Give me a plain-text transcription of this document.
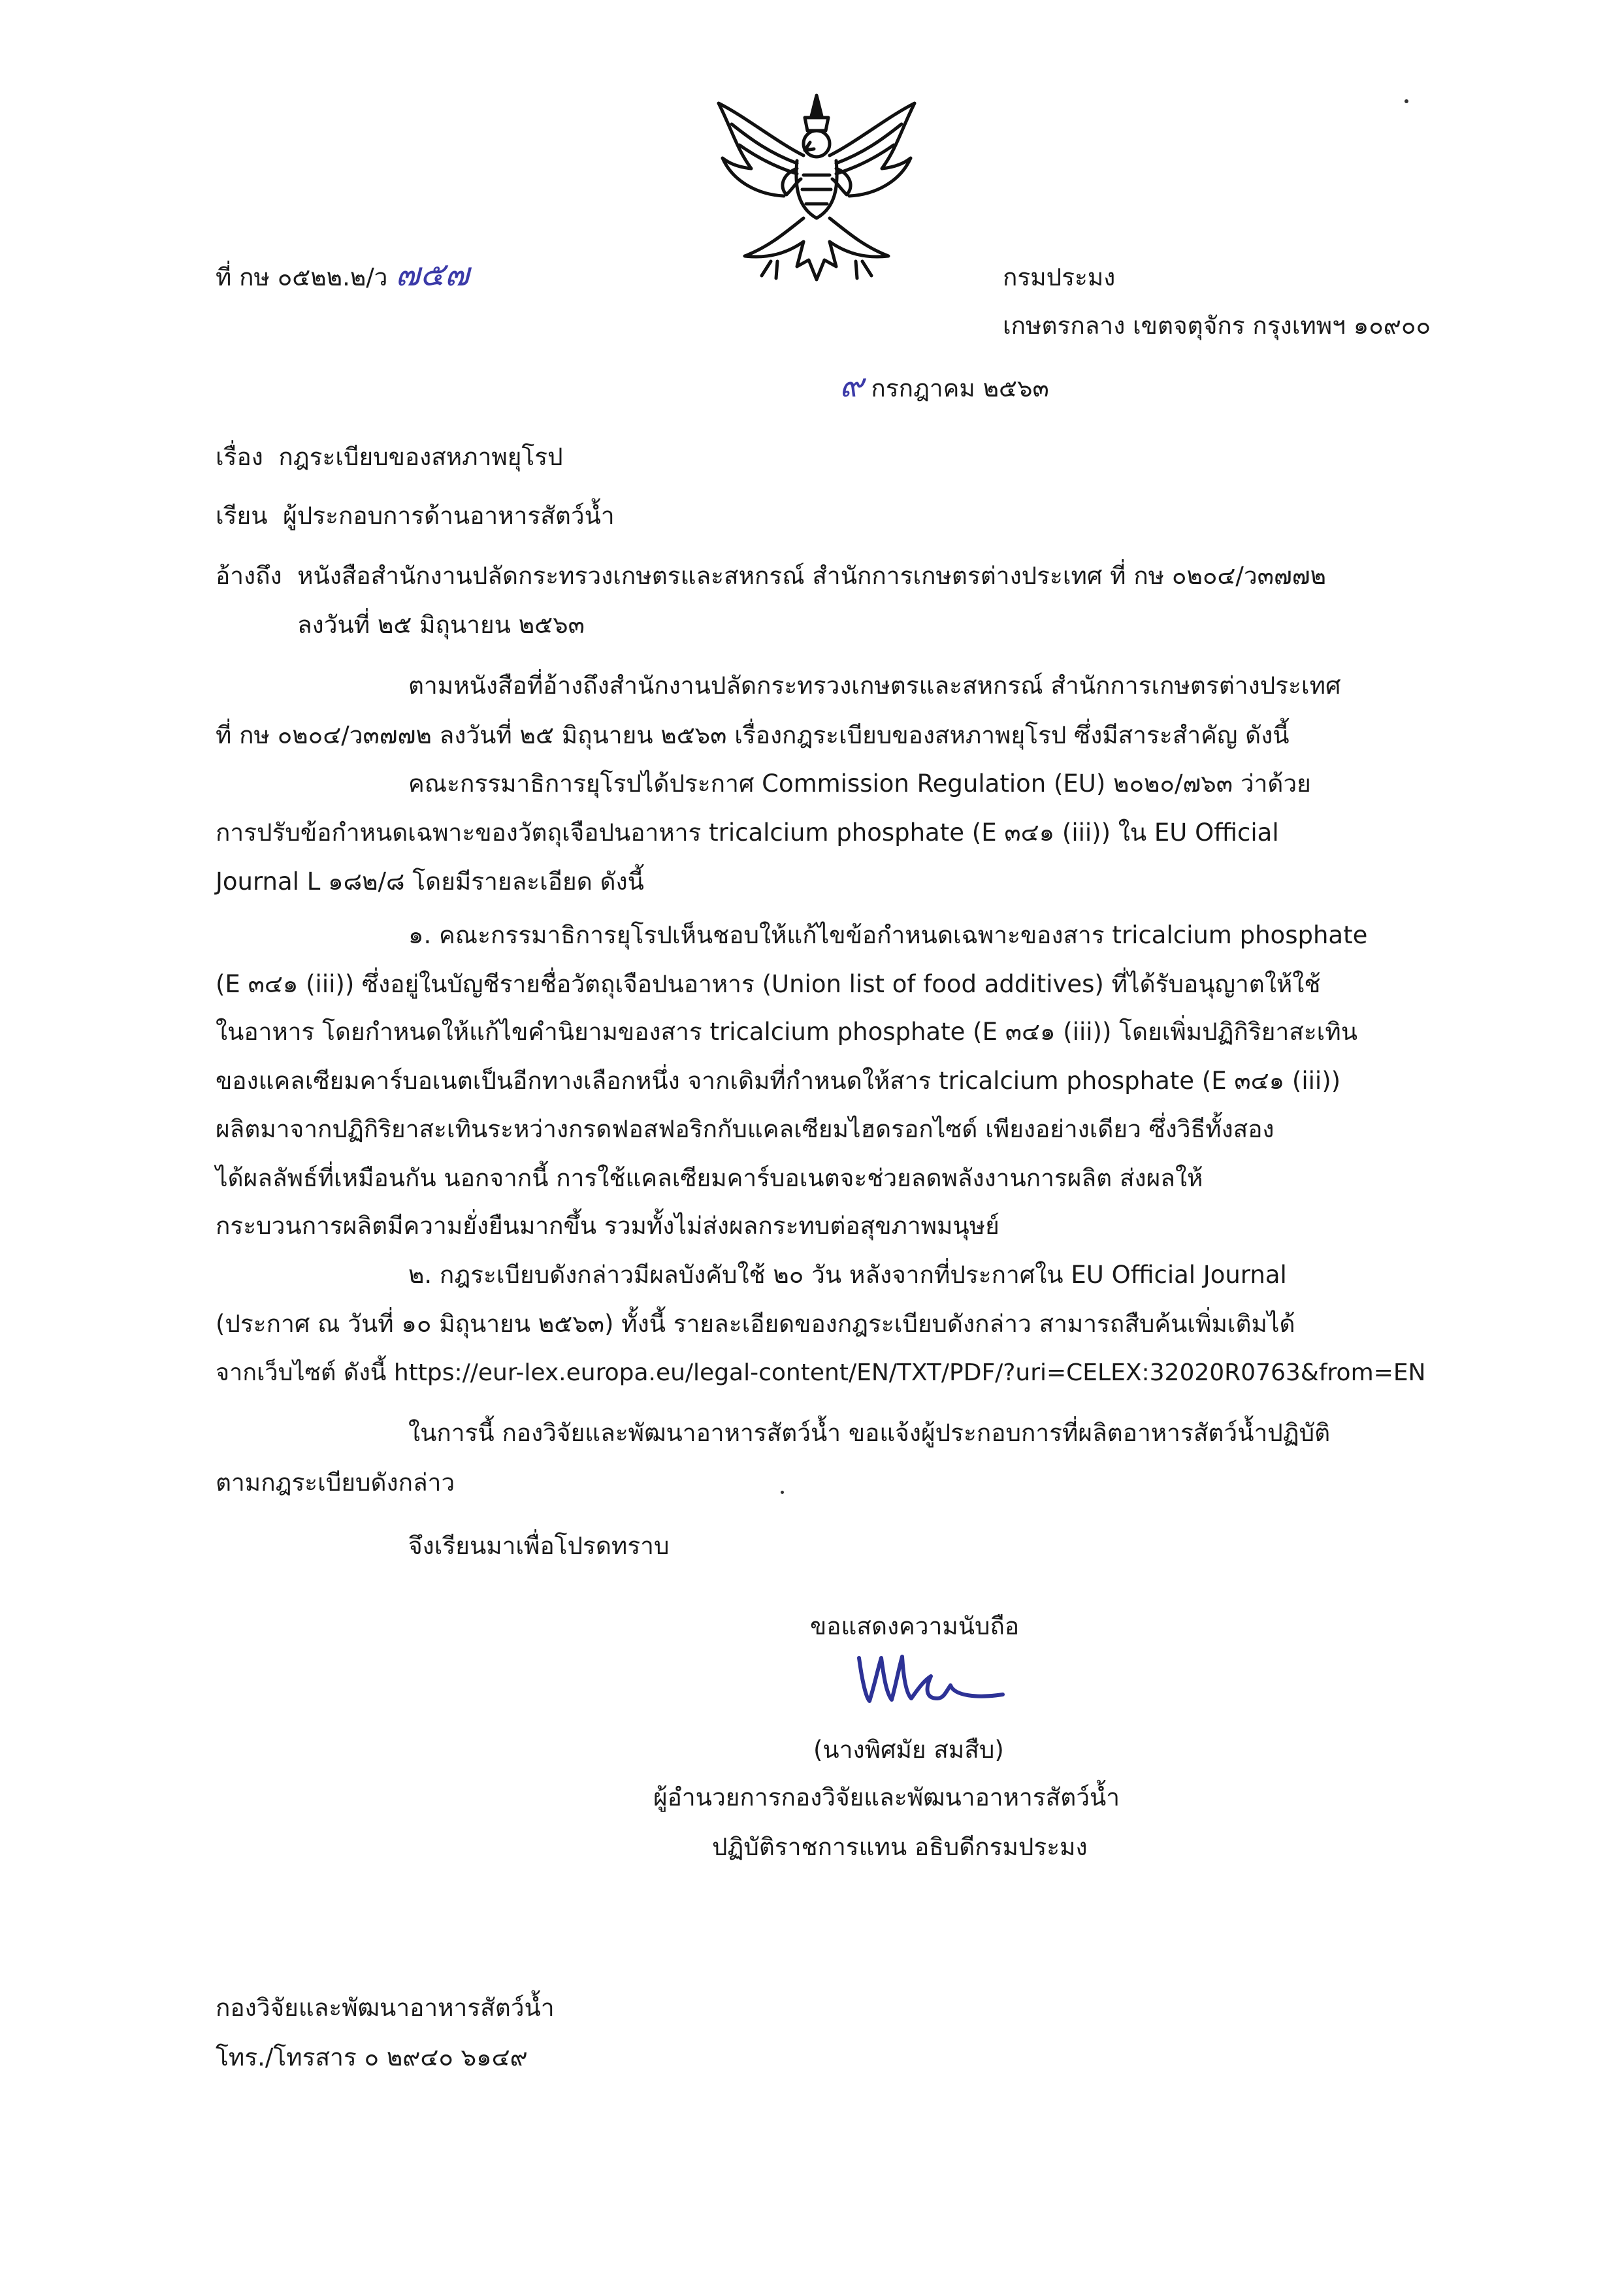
ที่ กษ ๐๕๒๒.๒/ว ๗๕๗	กรมประมง
เกษตรกลาง เขตจตุจักร กรุงเทพฯ ๑๐๙๐๐
๙ กรกฎาคม ๒๕๖๓
เรื่อง กฎระเบียบของสหภาพยุโรป
เรียน ผู้ประกอบการด้านอาหารสัตว์น้ำ
อ้างถึง หนังสือสำนักงานปลัดกระทรวงเกษตรและสหกรณ์ สำนักการเกษตรต่างประเทศ ที่ กษ ๐๒๐๔/ว๓๗๗๒
ลงวันที่ ๒๕ มิถุนายน ๒๕๖๓
ตามหนังสือที่อ้างถึงสำนักงานปลัดกระทรวงเกษตรและสหกรณ์ สำนักการเกษตรต่างประเทศ
ที่ กษ ๐๒๐๔/ว๓๗๗๒ ลงวันที่ ๒๕ มิถุนายน ๒๕๖๓ เรื่องกฎระเบียบของสหภาพยุโรป ซึ่งมีสาระสำคัญ ดังนี้
คณะกรรมาธิการยุโรปได้ประกาศ Commission Regulation (EU) ๒๐๒๐/๗๖๓ ว่าด้วย
การปรับข้อกำหนดเฉพาะของวัตถุเจือปนอาหาร tricalcium phosphate (E ๓๔๑ (iii)) ใน EU Official
Journal L ๑๘๒/๘ โดยมีรายละเอียด ดังนี้
๑. คณะกรรมาธิการยุโรปเห็นชอบให้แก้ไขข้อกำหนดเฉพาะของสาร tricalcium phosphate
(E ๓๔๑ (iii)) ซึ่งอยู่ในบัญชีรายชื่อวัตถุเจือปนอาหาร (Union list of food additives) ที่ได้รับอนุญาตให้ใช้
ในอาหาร โดยกำหนดให้แก้ไขคำนิยามของสาร tricalcium phosphate (E ๓๔๑ (iii)) โดยเพิ่มปฏิกิริยาสะเทิน
ของแคลเซียมคาร์บอเนตเป็นอีกทางเลือกหนึ่ง จากเดิมที่กำหนดให้สาร tricalcium phosphate (E ๓๔๑ (iii))
ผลิตมาจากปฏิกิริยาสะเทินระหว่างกรดฟอสฟอริกกับแคลเซียมไฮดรอกไซด์ เพียงอย่างเดียว ซึ่งวิธีทั้งสอง
ได้ผลลัพธ์ที่เหมือนกัน นอกจากนี้ การใช้แคลเซียมคาร์บอเนตจะช่วยลดพลังงานการผลิต ส่งผลให้
กระบวนการผลิตมีความยั่งยืนมากขึ้น รวมทั้งไม่ส่งผลกระทบต่อสุขภาพมนุษย์
๒. กฎระเบียบดังกล่าวมีผลบังคับใช้ ๒๐ วัน หลังจากที่ประกาศใน EU Official Journal
(ประกาศ ณ วันที่ ๑๐ มิถุนายน ๒๕๖๓) ทั้งนี้ รายละเอียดของกฎระเบียบดังกล่าว สามารถสืบค้นเพิ่มเติมได้
จากเว็บไซต์ ดังนี้ https://eur-lex.europa.eu/legal-content/EN/TXT/PDF/?uri=CELEX:32020R0763&from=EN
ในการนี้ กองวิจัยและพัฒนาอาหารสัตว์น้ำ ขอแจ้งผู้ประกอบการที่ผลิตอาหารสัตว์น้ำปฏิบัติ
ตามกฎระเบียบดังกล่าว
จึงเรียนมาเพื่อโปรดทราบ
ขอแสดงความนับถือ
(นางพิศมัย สมสืบ)
ผู้อำนวยการกองวิจัยและพัฒนาอาหารสัตว์น้ำ
ปฏิบัติราชการแทน อธิบดีกรมประมง
กองวิจัยและพัฒนาอาหารสัตว์น้ำ
โทร./โทรสาร ๐ ๒๙๔๐ ๖๑๔๙
